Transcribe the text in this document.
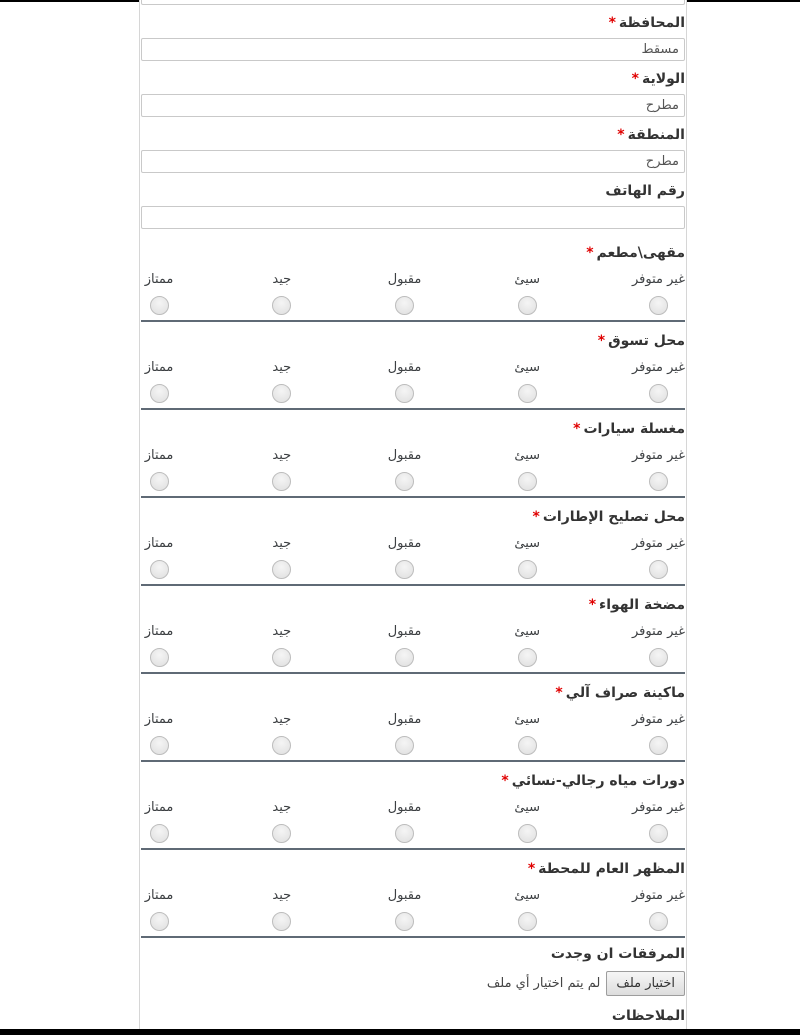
المحافظة*
مسقط
الولاية*
مطرح
المنطقة*
مطرح
رقم الهاتف
مقهى\مطعم*
غير متوفر
سيئ
مقبول
جيد
ممتاز
محل تسوق*
غير متوفر
سيئ
مقبول
جيد
ممتاز
مغسلة سيارات*
غير متوفر
سيئ
مقبول
جيد
ممتاز
محل تصليح الإطارات*
غير متوفر
سيئ
مقبول
جيد
ممتاز
مضخة الهواء*
غير متوفر
سيئ
مقبول
جيد
ممتاز
ماكينة صراف آلي*
غير متوفر
سيئ
مقبول
جيد
ممتاز
دورات مياه رجالي-نسائي*
غير متوفر
سيئ
مقبول
جيد
ممتاز
المظهر العام للمحطة*
غير متوفر
سيئ
مقبول
جيد
ممتاز
المرفقات ان وجدت
اختيار ملف
لم يتم اختيار أي ملف
الملاحظات
